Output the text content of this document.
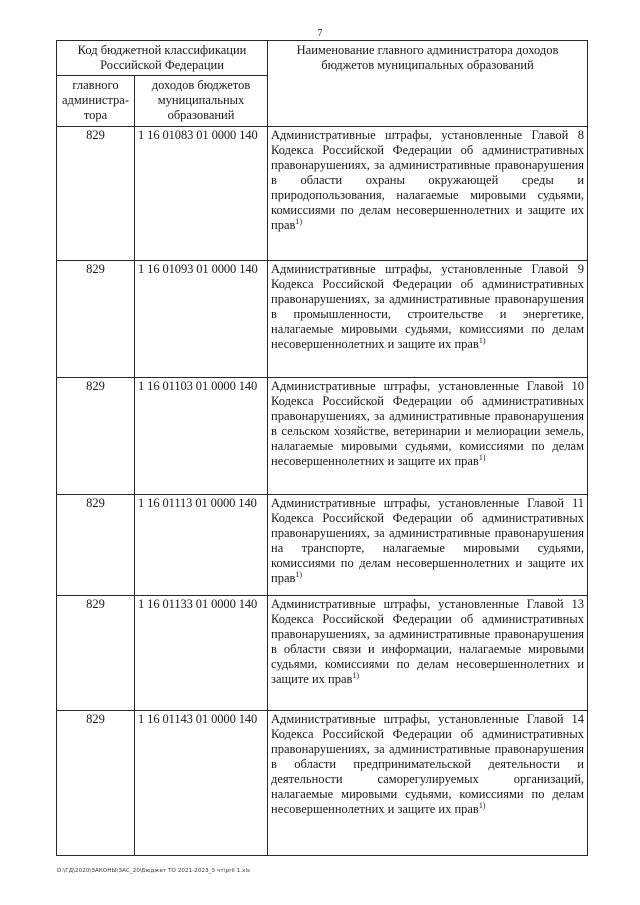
7
Код бюджетной классификации Российской Федерации		Наименование главного администратора доходов бюджетов муниципальных образований
главного администра-тора	доходов бюджетов муниципальных образований	
829	1 16 01083 01 0000 140	Административные штрафы, установленные Главой 8 Кодекса Российской Федерации об административных правонарушениях, за административные правонарушения в области охраны окружающей среды и природопользования, налагаемые мировыми судьями, комиссиями по делам несовершеннолетних и защите их прав$^{1)}$
829	1 16 01093 01 0000 140	Административные штрафы, установленные Главой 9 Кодекса Российской Федерации об административных правонарушениях, за административные правонарушения в промышленности, строительстве и энергетике, налагаемые мировыми судьями, комиссиями по делам несовершеннолетних и защите их прав$^{1)}$
829	1 16 01103 01 0000 140	Административные штрафы, установленные Главой 10 Кодекса Российской Федерации об административных правонарушениях, за административные правонарушения в сельском хозяйстве, ветеринарии и мелиорации земель, налагаемые мировыми судьями, комиссиями по делам несовершеннолетних и защите их прав$^{1)}$
829	1 16 01113 01 0000 140	Административные штрафы, установленные Главой 11 Кодекса Российской Федерации об административных правонарушениях, за административные правонарушения на транспорте, налагаемые мировыми судьями, комиссиями по делам несовершеннолетних и защите их прав$^{1)}$
829	1 16 01133 01 0000 140	Административные штрафы, установленные Главой 13 Кодекса Российской Федерации об административных правонарушениях, за административные правонарушения в области связи и информации, налагаемые мировыми судьями, комиссиями по делам несовершеннолетних и защите их прав$^{1)}$
829	1 16 01143 01 0000 140	Административные штрафы, установленные Главой 14 Кодекса Российской Федерации об административных правонарушениях, за административные правонарушения в области предпринимательской деятельности и деятельности саморегулируемых организаций, налагаемые мировыми судьями, комиссиями по делам несовершеннолетних и защите их прав$^{1)}$
D:\ГД\2020\ЗАКОНЫ\ЗАС_20\Бюджет ТО 2021-2023_3 чт\pril 1.xls
